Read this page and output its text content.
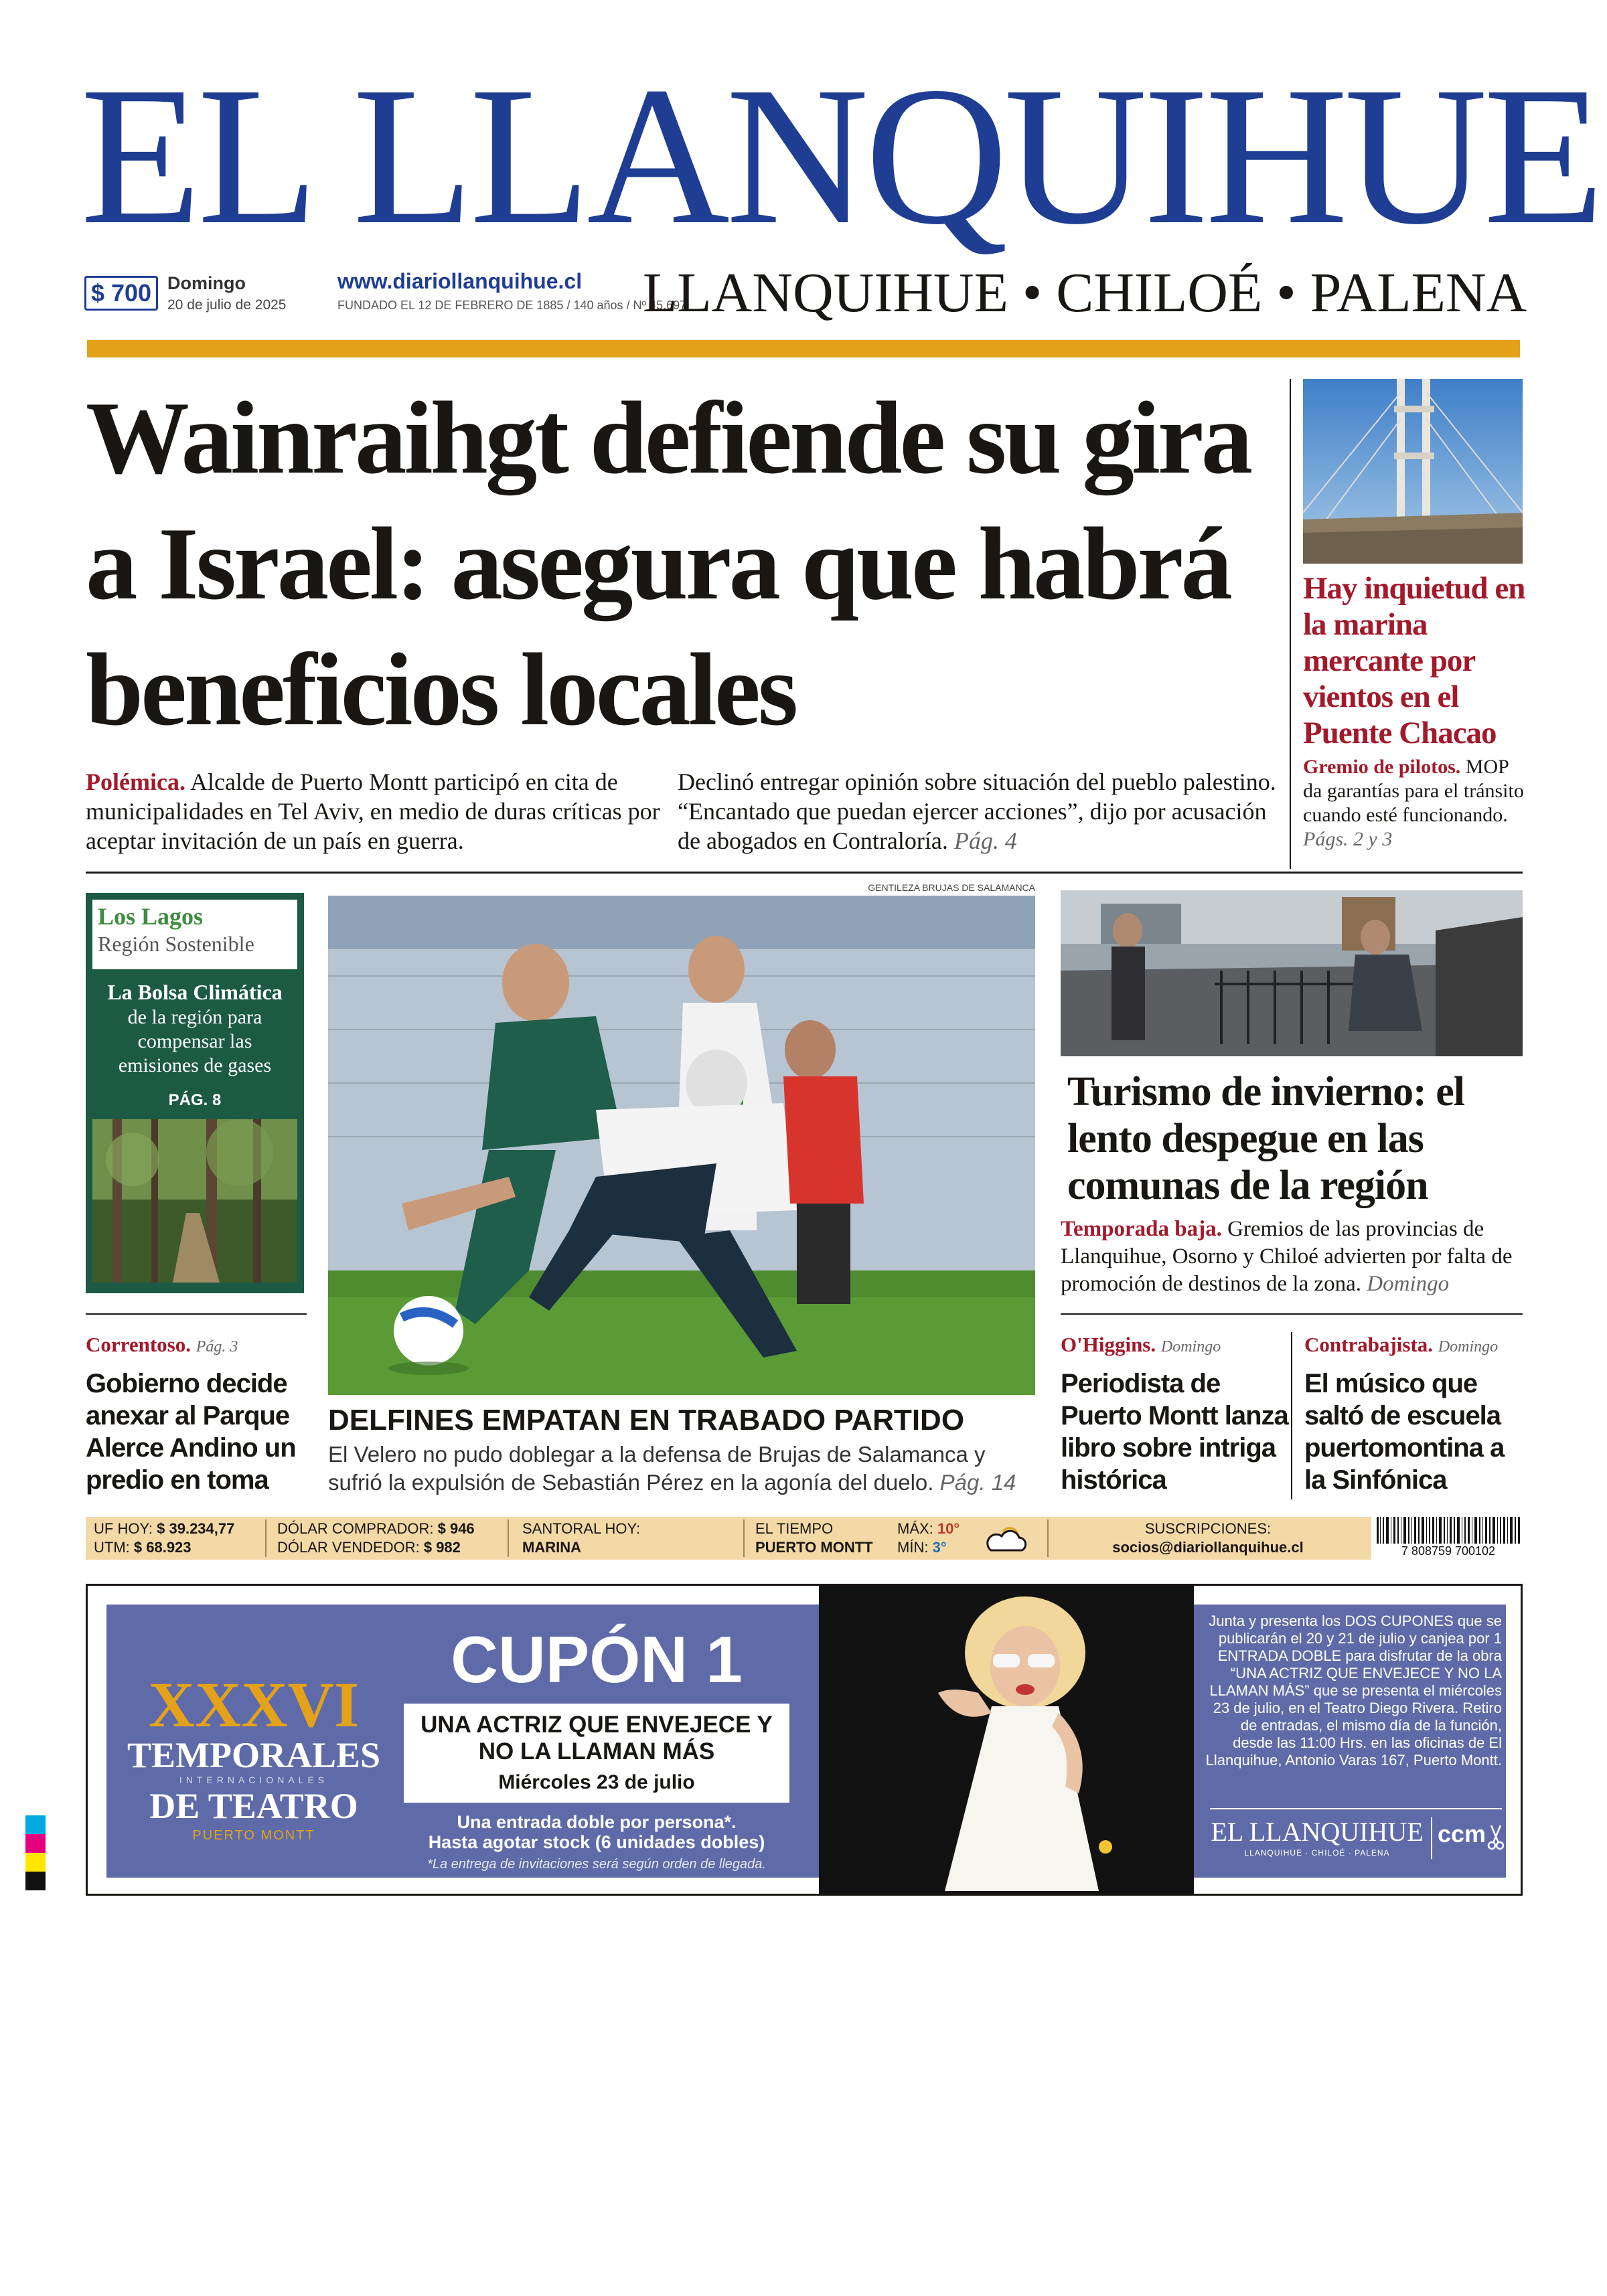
EL LLANQUIHUE
$ 700 Domingo
20 de julio de 2025
www.diariollanquihue.cl
FUNDADO EL 12 DE FEBRERO DE 1885 / 140 años / Nº 45.697
LLANQUIHUE • CHILOÉ • PALENA
Wainraihgt defiende su gira a Israel: asegura que habrá beneficios locales
Polémica. Alcalde de Puerto Montt participó en cita de municipalidades en Tel Aviv, en medio de duras críticas por aceptar invitación de un país en guerra.
Declinó entregar opinión sobre situación del pueblo palestino. “Encantado que puedan ejercer acciones”, dijo por acusación de abogados en Contraloría. Pág. 4
Hay inquietud en la marina mercante por vientos en el Puente Chacao
Gremio de pilotos. MOP da garantías para el tránsito cuando esté funcionando. Págs. 2 y 3
Los Lagos
Región Sostenible
La Bolsa Climática
de la región para compensar las emisiones de gases
PÁG. 8
GENTILEZA BRUJAS DE SALAMANCA
DELFINES EMPATAN EN TRABADO PARTIDO
El Velero no pudo doblegar a la defensa de Brujas de Salamanca y sufrió la expulsión de Sebastián Pérez en la agonía del duelo. Pág. 14
Turismo de invierno: el lento despegue en las comunas de la región
Temporada baja. Gremios de las provincias de Llanquihue, Osorno y Chiloé advierten por falta de promoción de destinos de la zona. Domingo
Correntoso. Pág. 3
Gobierno decide anexar al Parque Alerce Andino un predio en toma
O'Higgins. Domingo
Periodista de Puerto Montt lanza libro sobre intriga histórica
Contrabajista. Domingo
El músico que saltó de escuela puertomontina a la Sinfónica
UF HOY: $ 39.234,77
UTM: $ 68.923
DÓLAR COMPRADOR: $ 946
DÓLAR VENDEDOR: $ 982
SANTORAL HOY:
MARINA
EL TIEMPO
PUERTO MONTT
MÁX: 10°
MÍN: 3°
SUSCRIPCIONES:
socios@diariollanquihue.cl	7 808759 700102
XXXVI
TEMPORALES
INTERNACIONALES
DE TEATRO
PUERTO MONTT
CUPÓN 1
UNA ACTRIZ QUE ENVEJECE Y NO LA LLAMAN MÁS
Miércoles 23 de julio
Una entrada doble por persona*.
Hasta agotar stock (6 unidades dobles)
*La entrega de invitaciones será según orden de llegada.
Junta y presenta los DOS CUPONES que se publicarán el 20 y 21 de julio y canjea por 1 ENTRADA DOBLE para disfrutar de la obra “UNA ACTRIZ QUE ENVEJECE Y NO LA LLAMAN MÁS” que se presenta el miércoles 23 de julio, en el Teatro Diego Rivera. Retiro de entradas, el mismo día de la función, desde las 11:00 Hrs. en las oficinas de El Llanquihue, Antonio Varas 167, Puerto Montt.
EL LLANQUIHUE
LLANQUIHUE · CHILOÉ · PALENA
ccm
